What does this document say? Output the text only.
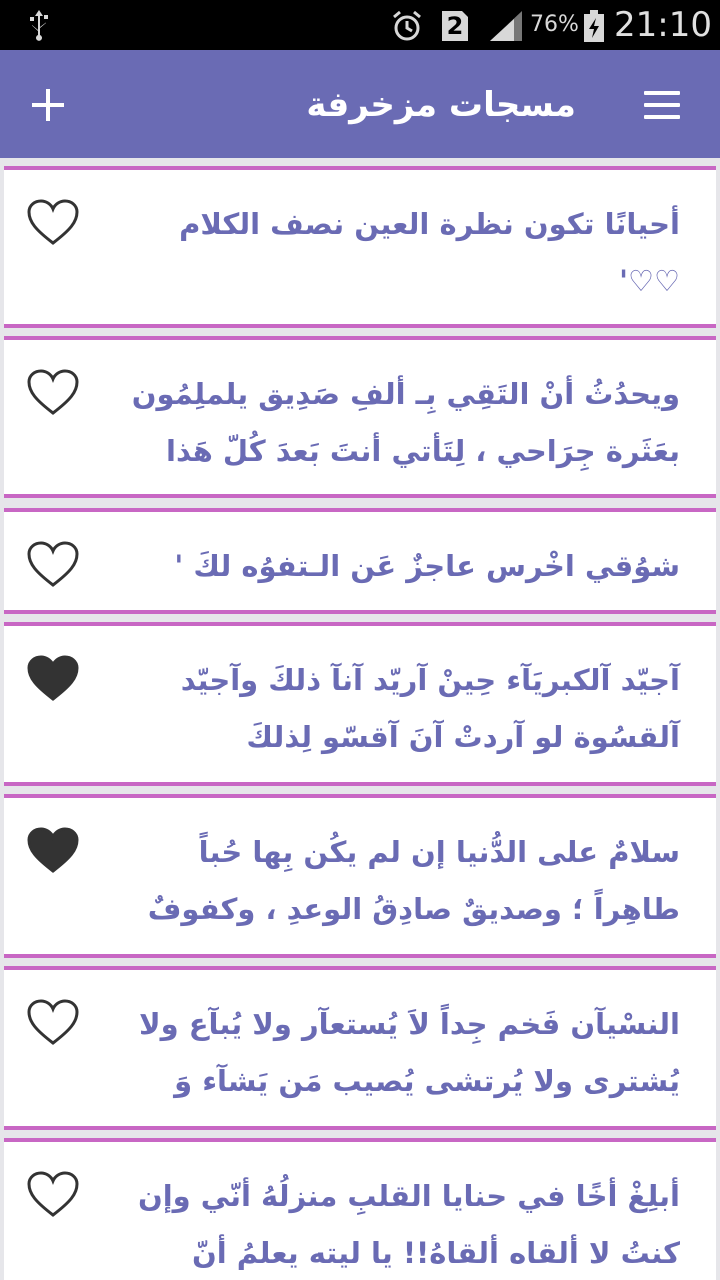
2	76% 21:10
مسجات مزخرفة
أحيانًا تكون نظرة العين نصف الكلام ♡♡'
ويحدُثُ أنْ التَقِي بِـ ألفِ صَدِيق يلملِمُون بعَثَرة جِرَاحي ، لِتَأتي أنتَ بَعدَ كُلّ هَذا
شوُقي اخْرس عاجزٌ عَن الـتفوُه لكَ '
آجيّد آلكبريَآء حِينْ آريّد آنآ ذلكَ وآجيّد آلقسُوة لو آردتْ آنَ آقسّو لِذلكَ
سلامٌ على الدُّنيا إن لم يكُن بِها حُباً طاهِراً ؛ وصديقٌ صادِقُ الوعدِ ، وكفوفٌ
النسْيآن فَخم جِداً لاَ يُستعآر ولا يُبآع ولا يُشترى ولا يُرتشى يُصيب مَن يَشآء وَ
أبلِغْ أخًا في حنايا القلبِ منزلُهُ أنّي وإن كنتُ لا ألقاه ألقاهُ!! يا ليته يعلمُ أنّ
